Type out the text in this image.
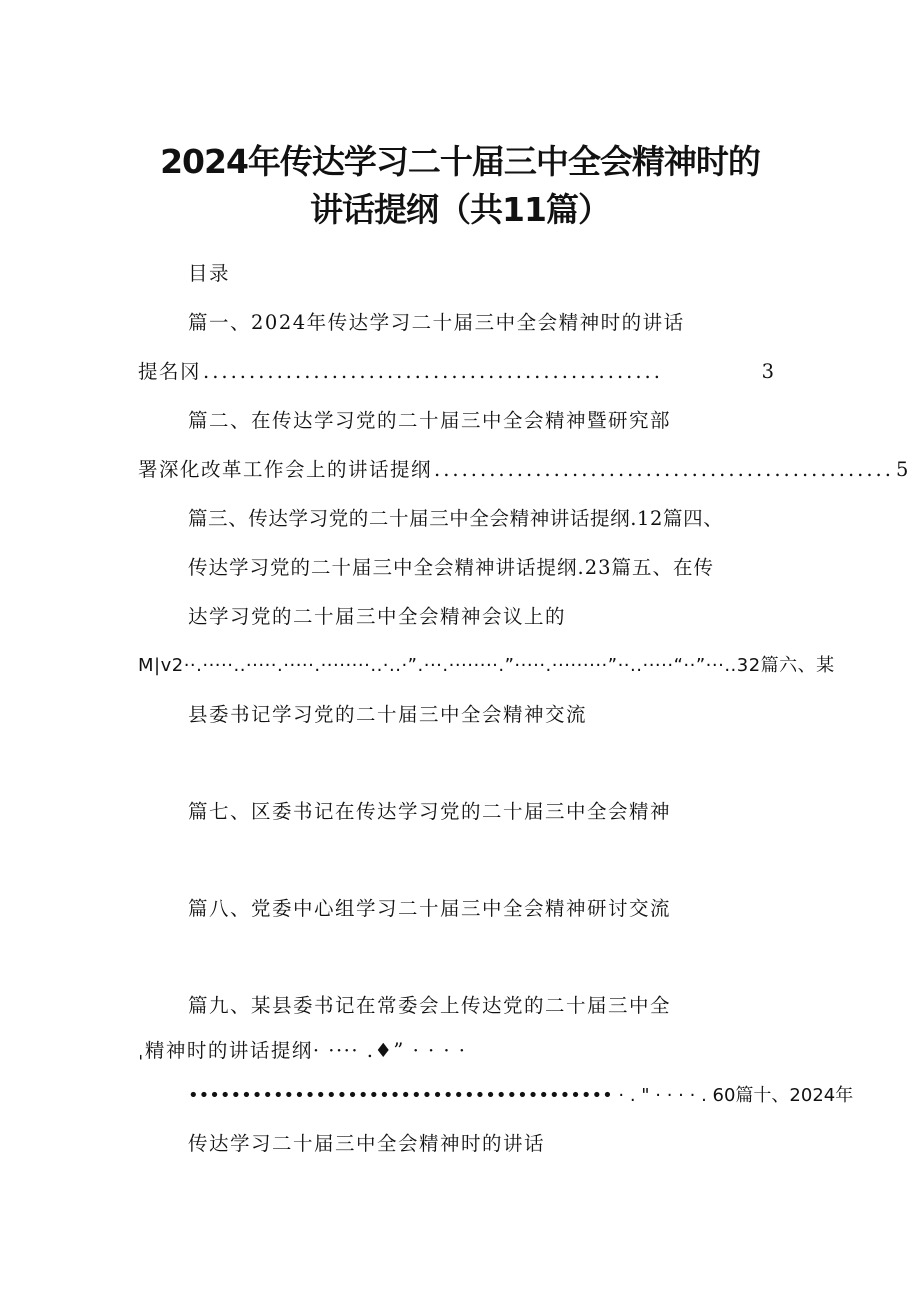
2024年传达学习二十届三中全会精神时的
讲话提纲（共11篇）
目录
篇一、2024年传达学习二十届三中全会精神时的讲话
提名冈 ..................................................	3
篇二、在传达学习党的二十届三中全会精神暨研究部
署深化改革工作会上的讲话提纲 .................................................. 5
篇三、传达学习党的二十届三中全会精神讲话提纲.12篇四、
传达学习党的二十届三中全会精神讲话提纲.23篇五、在传
达学习党的二十届三中全会精神会议上的
M|v2··.·····..·····.·····.········..·..·”.···.········.”·····.·········”··..·····“··”···..32篇六、某
县委书记学习党的二十届三中全会精神交流
篇七、区委书记在传达学习党的二十届三中全会精神
篇八、党委中心组学习二十届三中全会精神研讨交流
篇九、某县委书记在常委会上传达党的二十届三中全
ˌ精神时的讲话提纲· ···· .♦” · · · ·
•••••••••••••••••••••••••••••••••••••••• · . " · · · · . 60篇十、2024年
传达学习二十届三中全会精神时的讲话
